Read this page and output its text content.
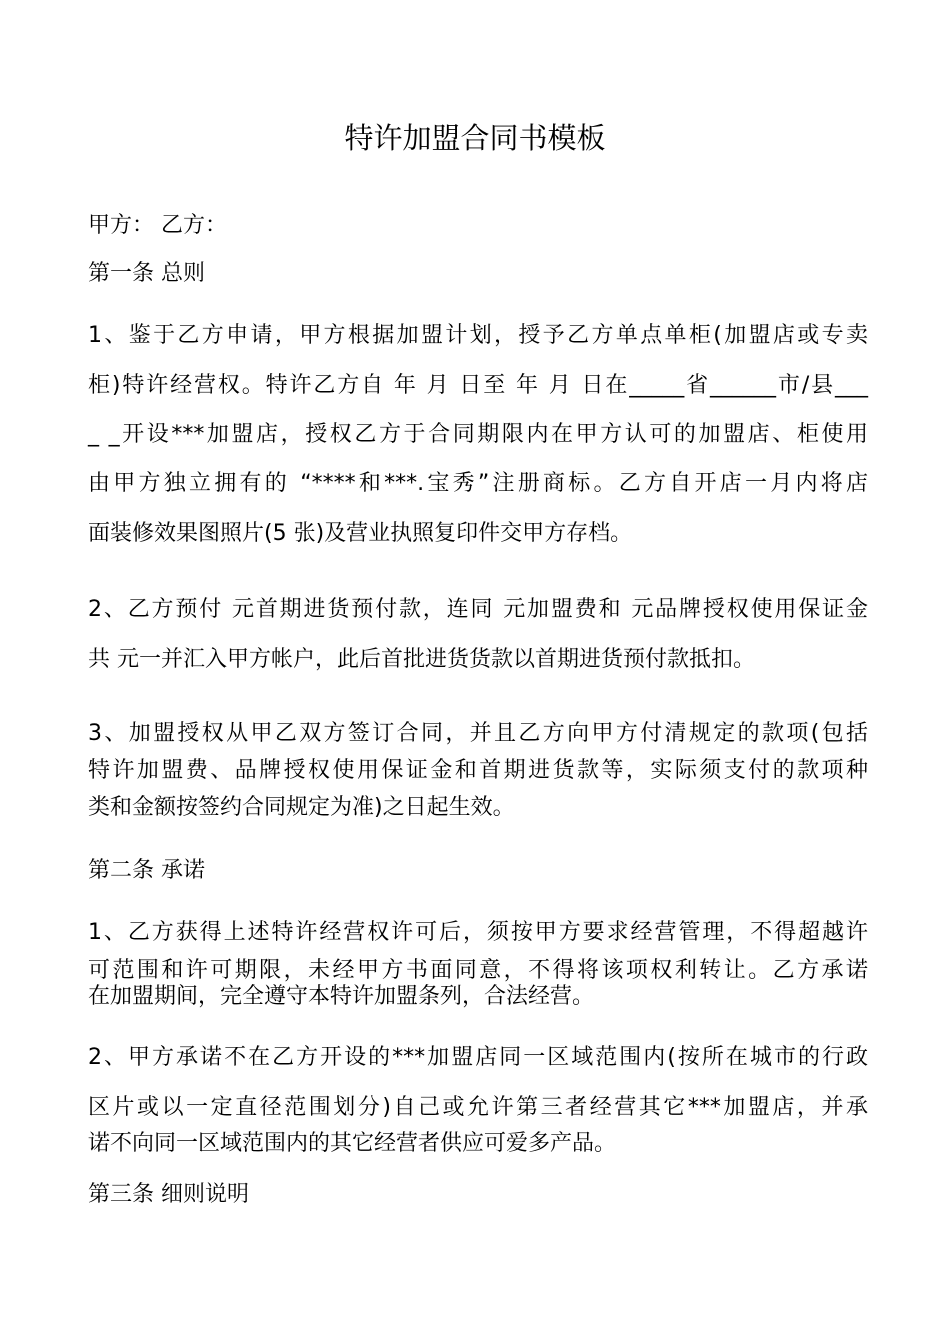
特许加盟合同书模板
甲方： 乙方：
第一条 总则
1、鉴于乙方申请，甲方根据加盟计划，授予乙方单点单柜(加盟店或专卖
柜)特许经营权。特许乙方自 年 月 日至 年 月 日在_____省______市/县___
_ _开设***加盟店，授权乙方于合同期限内在甲方认可的加盟店、柜使用
由甲方独立拥有的 “****和***.宝秀”注册商标。乙方自开店一月内将店
面装修效果图照片(5 张)及营业执照复印件交甲方存档。
2、乙方预付 元首期进货预付款，连同 元加盟费和 元品牌授权使用保证金
共 元一并汇入甲方帐户，此后首批进货货款以首期进货预付款抵扣。
3、加盟授权从甲乙双方签订合同，并且乙方向甲方付清规定的款项(包括
特许加盟费、品牌授权使用保证金和首期进货款等，实际须支付的款项种
类和金额按签约合同规定为准)之日起生效。
第二条 承诺
1、乙方获得上述特许经营权许可后，须按甲方要求经营管理，不得超越许
可范围和许可期限，未经甲方书面同意，不得将该项权利转让。乙方承诺
在加盟期间，完全遵守本特许加盟条列，合法经营。
2、甲方承诺不在乙方开设的***加盟店同一区域范围内(按所在城市的行政
区片或以一定直径范围划分)自己或允许第三者经营其它***加盟店，并承
诺不向同一区域范围内的其它经营者供应可爱多产品。
第三条 细则说明
